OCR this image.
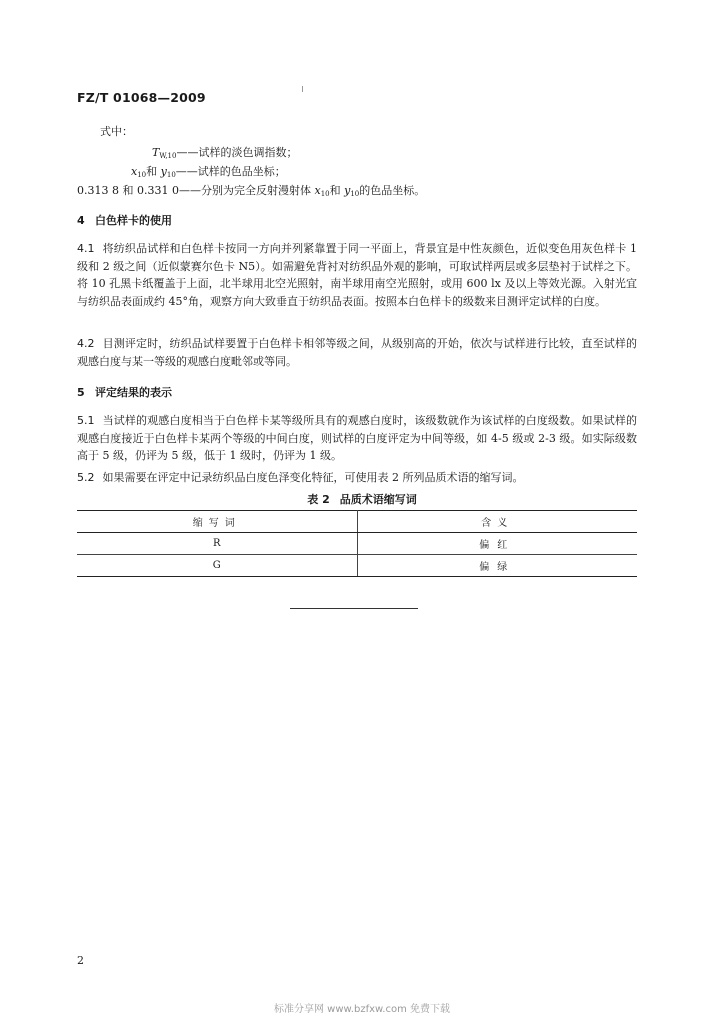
FZ/T 01068—2009
式中：
$T_{W,10}——$试样的淡色调指数；
$x_{10}$和 $y_{10}——$试样的色品坐标；
0.313 8 和 0.331 0——分别为完全反射漫射体 $x_{10}$和 $y_{10}$的色品坐标。
4 白色样卡的使用
4.1 将纺织品试样和白色样卡按同一方向并列紧靠置于同一平面上，背景宜是中性灰颜色，近似变色用灰色样卡 1 级和 2 级之间（近似蒙赛尔色卡 N5）。如需避免背衬对纺织品外观的影响，可取试样两层或多层垫衬于试样之下。将 10 孔黑卡纸覆盖于上面，北半球用北空光照射，南半球用南空光照射，或用 600 lx 及以上等效光源。入射光宜与纺织品表面成约 45°角，观察方向大致垂直于纺织品表面。按照本白色样卡的级数来目测评定试样的白度。
4.2 目测评定时，纺织品试样要置于白色样卡相邻等级之间，从级别高的开始，依次与试样进行比较，直至试样的观感白度与某一等级的观感白度毗邻或等同。
5 评定结果的表示
5.1 当试样的观感白度相当于白色样卡某等级所具有的观感白度时，该级数就作为该试样的白度级数。如果试样的观感白度接近于白色样卡某两个等级的中间白度，则试样的白度评定为中间等级，如 4-5 级或 2-3 级。如实际级数高于 5 级，仍评为 5 级，低于 1 级时，仍评为 1 级。
5.2 如果需要在评定中记录纺织品白度色泽变化特征，可使用表 2 所列品质术语的缩写词。
表 2 品质术语缩写词
缩写词	含义
R	偏红
G	偏绿
2
标准分享网 www.bzfxw.com 免费下载
